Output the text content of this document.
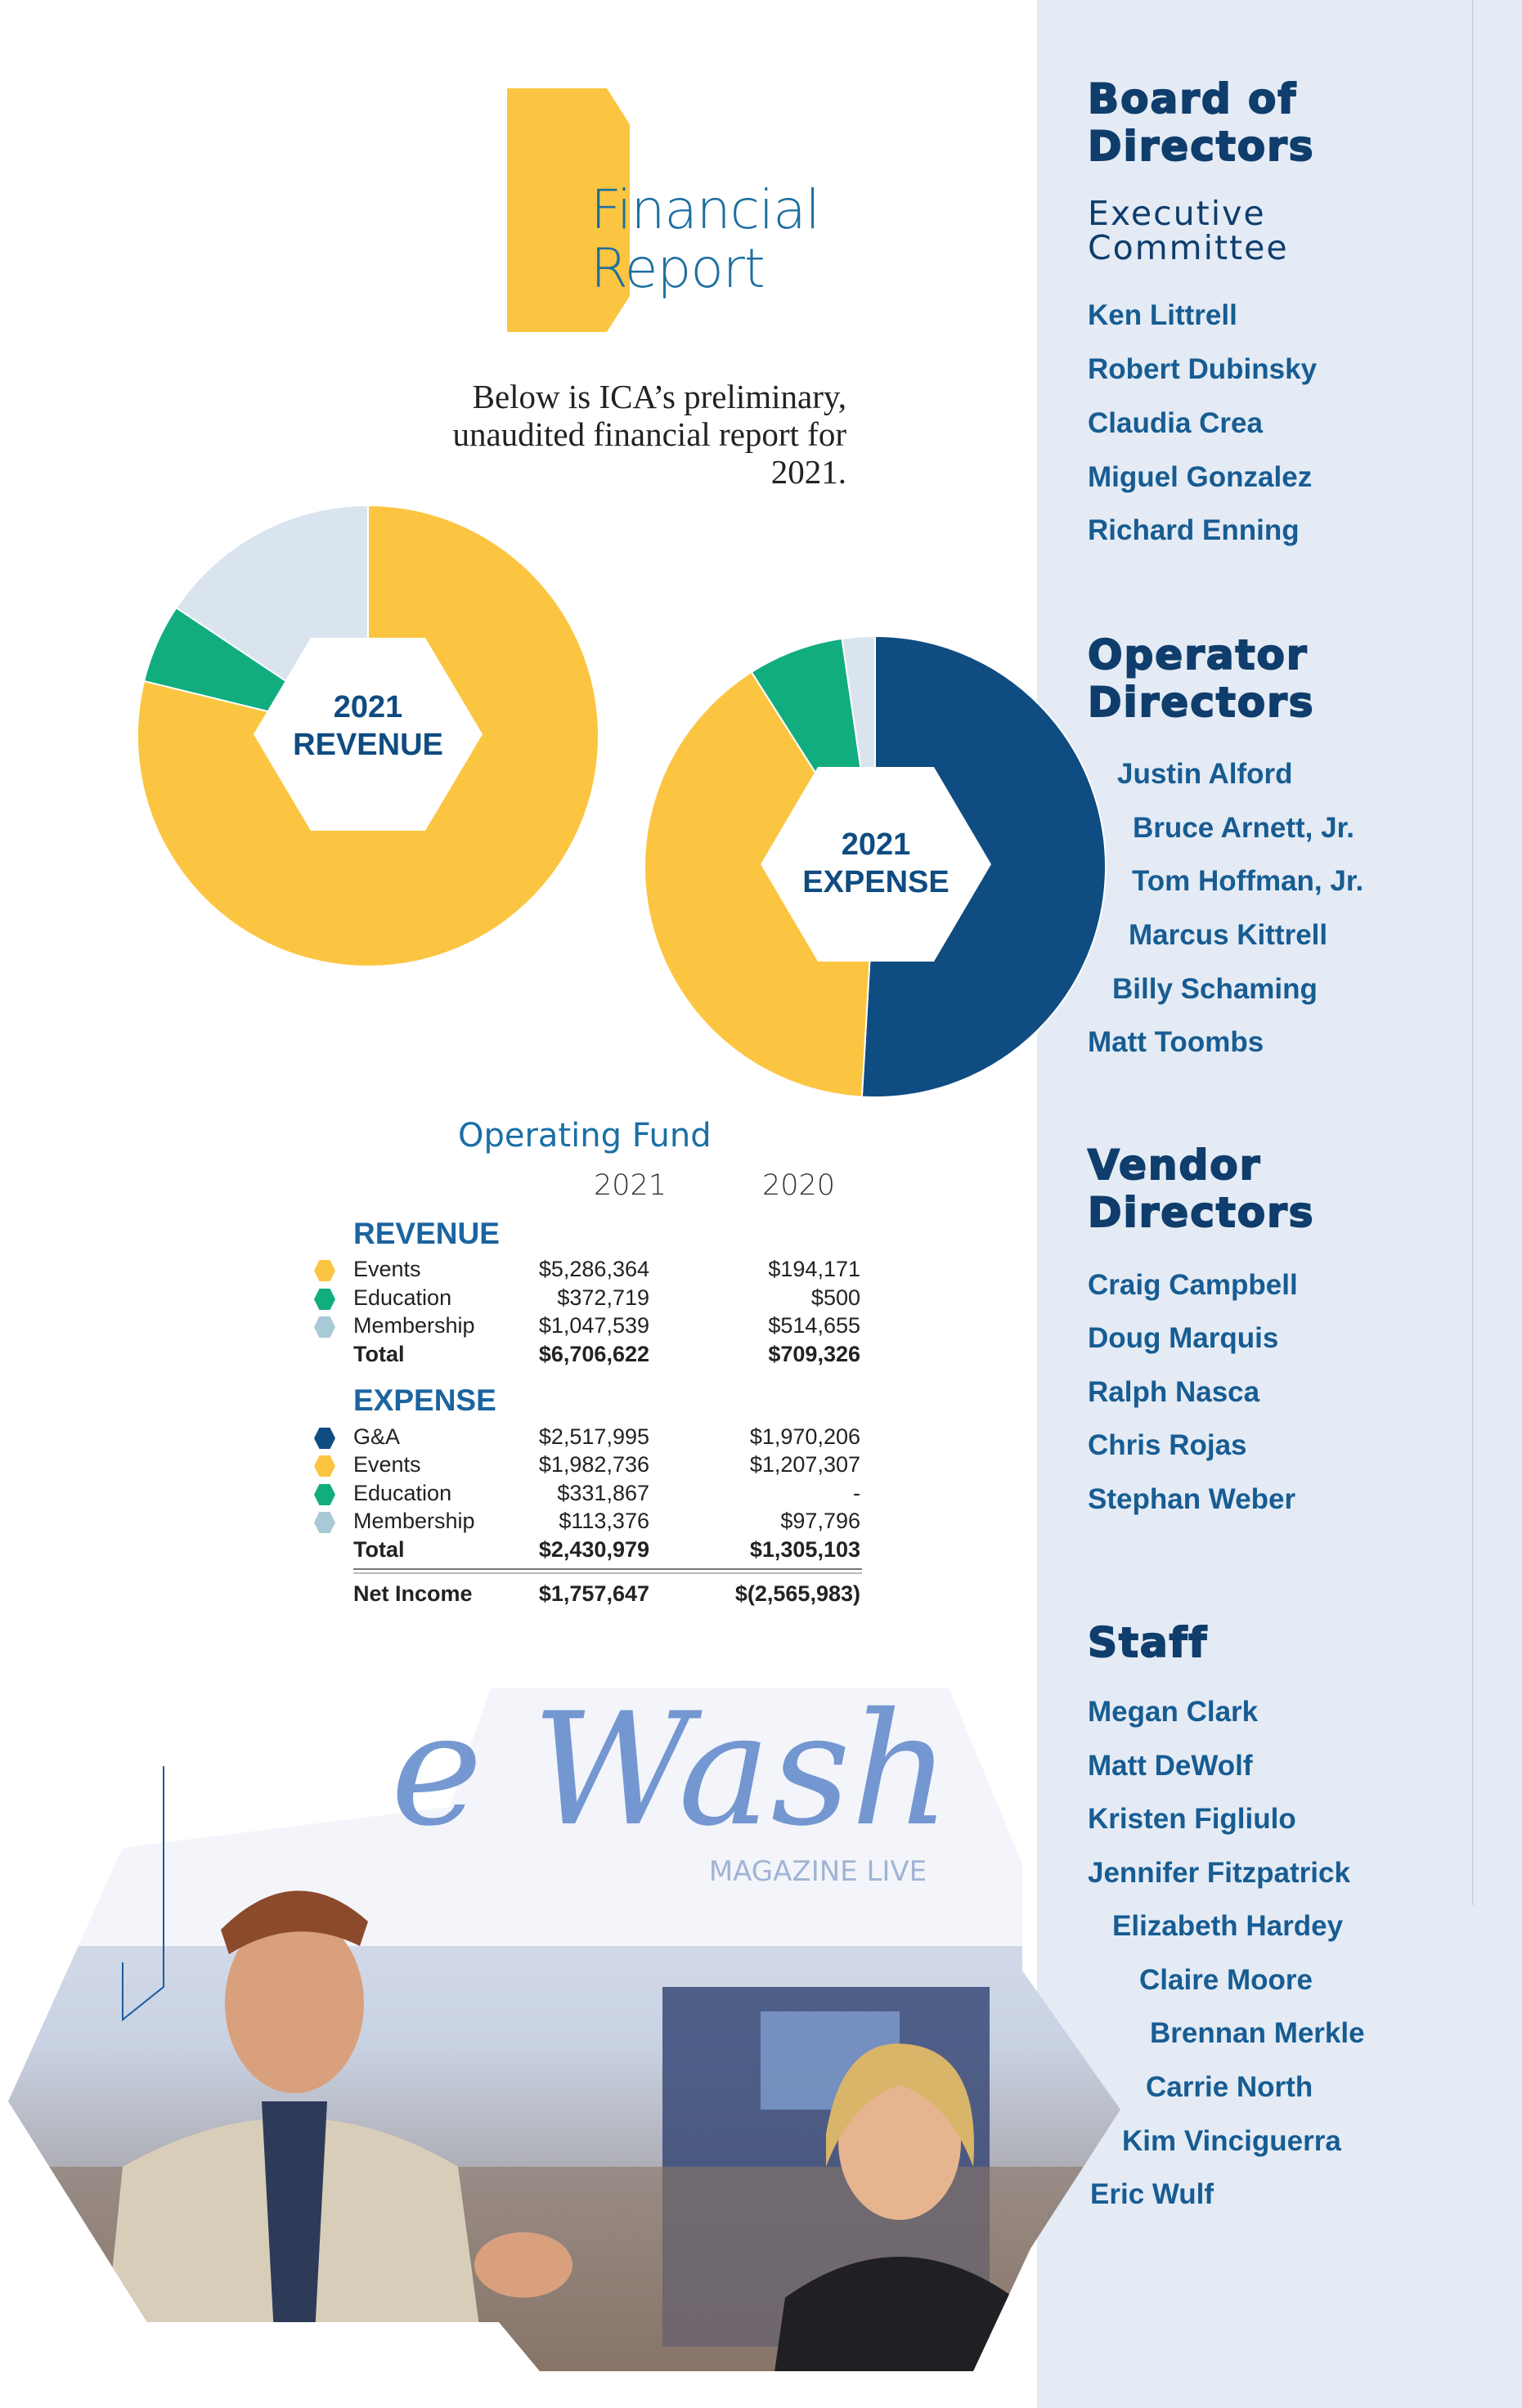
Board of
Directors
Executive
Committee
Ken Littrell
Robert Dubinsky
Claudia Crea
Miguel Gonzalez
Richard Enning
Operator
Directors
Justin Alford
Bruce Arnett, Jr.
Tom Hoffman, Jr.
Marcus Kittrell
Billy Schaming
Matt Toombs
Vendor
Directors
Craig Campbell
Doug Marquis
Ralph Nasca
Chris Rojas
Stephan Weber
Staff
Megan Clark
Matt DeWolf
Kristen Figliulo
Jennifer Fitzpatrick
Elizabeth Hardey
Claire Moore
Brennan Merkle
Carrie North
Kim Vinciguerra
Eric Wulf
Financial
Report
Below is ICA’s preliminary, unaudited financial report for 2021.
2021
REVENUE
2021
EXPENSE
Operating Fund
2021	2020
REVENUE
Events	$5,286,364	$194,171
Education	$372,719	$500
Membership	$1,047,539	$514,655
Total	$6,706,622	$709,326
EXPENSE
G&A	$2,517,995	$1,970,206
Events	$1,982,736	$1,207,307
Education	$331,867	-
Membership	$113,376	$97,796
Total	$2,430,979	$1,305,103
Net Income	$1,757,647	$(2,565,983)
e Wash
MAGAZINE LIVE
